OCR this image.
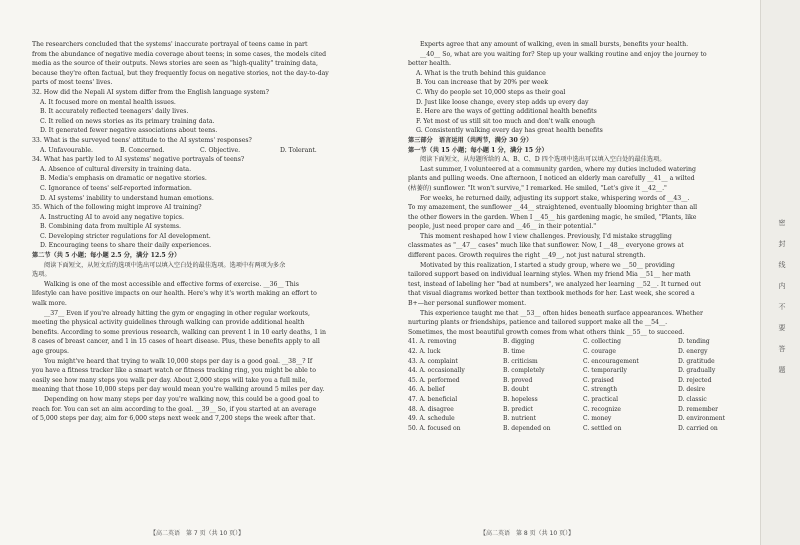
The researchers concluded that the systems' inaccurate portrayal of teens came in part
from the abundance of negative media coverage about teens; in some cases, the models cited
media as the source of their outputs. News stories are seen as "high-quality" training data,
because they're often factual, but they frequently focus on negative stories, not the day-to-day
parts of most teens' lives.
32. How did the Nepali AI system differ from the English language system?
A. It focused more on mental health issues.
B. It accurately reflected teenagers' daily lives.
C. It relied on news stories as its primary training data.
D. It generated fewer negative associations about teens.
33. What is the surveyed teens' attitude to the AI systems' responses?
A. Unfavourable.	B. Concerned.	C. Objective.	D. Tolerant.
34. What has partly led to AI systems' negative portrayals of teens?
A. Absence of cultural diversity in training data.
B. Media's emphasis on dramatic or negative stories.
C. Ignorance of teens' self-reported information.
D. AI systems' inability to understand human emotions.
35. Which of the following might improve AI training?
A. Instructing AI to avoid any negative topics.
B. Combining data from multiple AI systems.
C. Developing stricter regulations for AI development.
D. Encouraging teens to share their daily experiences.
第二节（共 5 小题；每小题 2.5 分，满分 12.5 分）
阅读下面短文，从短文后的选项中选出可以填入空白处的最佳选项。选项中有两项为多余
选项。
Walking is one of the most accessible and effective forms of exercise. __36__ This
lifestyle can have positive impacts on our health. Here's why it's worth making an effort to
walk more.
__37__ Even if you're already hitting the gym or engaging in other regular workouts,
meeting the physical activity guidelines through walking can provide additional health
benefits. According to some previous research, walking can prevent 1 in 10 early deaths, 1 in
8 cases of breast cancer, and 1 in 15 cases of heart disease. Plus, these benefits apply to all
age groups.
You might've heard that trying to walk 10,000 steps per day is a good goal. __38__? If
you have a fitness tracker like a smart watch or fitness tracking ring, you might be able to
easily see how many steps you walk per day. About 2,000 steps will take you a full mile,
meaning that those 10,000 steps per day would mean you're walking around 5 miles per day.
Depending on how many steps per day you're walking now, this could be a good goal to
reach for. You can set an aim according to the goal. __39__ So, if you started at an average
of 5,000 steps per day, aim for 6,000 steps next week and 7,200 steps the week after that.
Experts agree that any amount of walking, even in small bursts, benefits your health.
__40__ So, what are you waiting for? Step up your walking routine and enjoy the journey to
better health.
A. What is the truth behind this guidance
B. You can increase that by 20% per week
C. Why do people set 10,000 steps as their goal
D. Just like loose change, every step adds up every day
E. Here are the ways of getting additional health benefits
F. Yet most of us still sit too much and don't walk enough
G. Consistently walking every day has great health benefits
第三部分　语言运用（共两节，满分 30 分）
第一节（共 15 小题；每小题 1 分，满分 15 分）
阅读下面短文，从每题所给的 A、B、C、D 四个选项中选出可以填入空白处的最佳选项。
Last summer, I volunteered at a community garden, where my duties included watering
plants and pulling weeds. One afternoon, I noticed an elderly man carefully __41__ a wilted
(枯萎的) sunflower. "It won't survive," I remarked. He smiled, "Let's give it __42__."
For weeks, he returned daily, adjusting its support stake, whispering words of __43__.
To my amazement, the sunflower __44__ straightened, eventually blooming brighter than all
the other flowers in the garden. When I __45__ his gardening magic, he smiled, "Plants, like
people, just need proper care and __46__ in their potential."
This moment reshaped how I view challenges. Previously, I'd mistake struggling
classmates as "__47__ cases" much like that sunflower. Now, I __48__ everyone grows at
different paces. Growth requires the right __49__, not just natural strength.
Motivated by this realization, I started a study group, where we __50__ providing
tailored support based on individual learning styles. When my friend Mia __51__ her math
test, instead of labeling her "bad at numbers", we analyzed her learning __52__. It turned out
that visual diagrams worked better than textbook methods for her. Last week, she scored a
B+—her personal sunflower moment.
This experience taught me that __53__ often hides beneath surface appearances. Whether
nurturing plants or friendships, patience and tailored support make all the __54__.
Sometimes, the most beautiful growth comes from what others think __55__ to succeed.
41. A. removing	B. digging	C. collecting	D. tending
42. A. luck	B. time	C. courage	D. energy
43. A. complaint	B. criticism	C. encouragement	D. gratitude
44. A. occasionally	B. completely	C. temporarily	D. gradually
45. A. performed	B. proved	C. praised	D. rejected
46. A. belief	B. doubt	C. strength	D. desire
47. A. beneficial	B. hopeless	C. practical	D. classic
48. A. disagree	B. predict	C. recognize	D. remember
49. A. schedule	B. nutrient	C. money	D. environment
50. A. focused on	B. depended on	C. settled on	D. carried on
密
封
线
内
不
要
答
题
【高二英语　第 7 页（共 10 页）】	【高二英语　第 8 页（共 10 页）】
